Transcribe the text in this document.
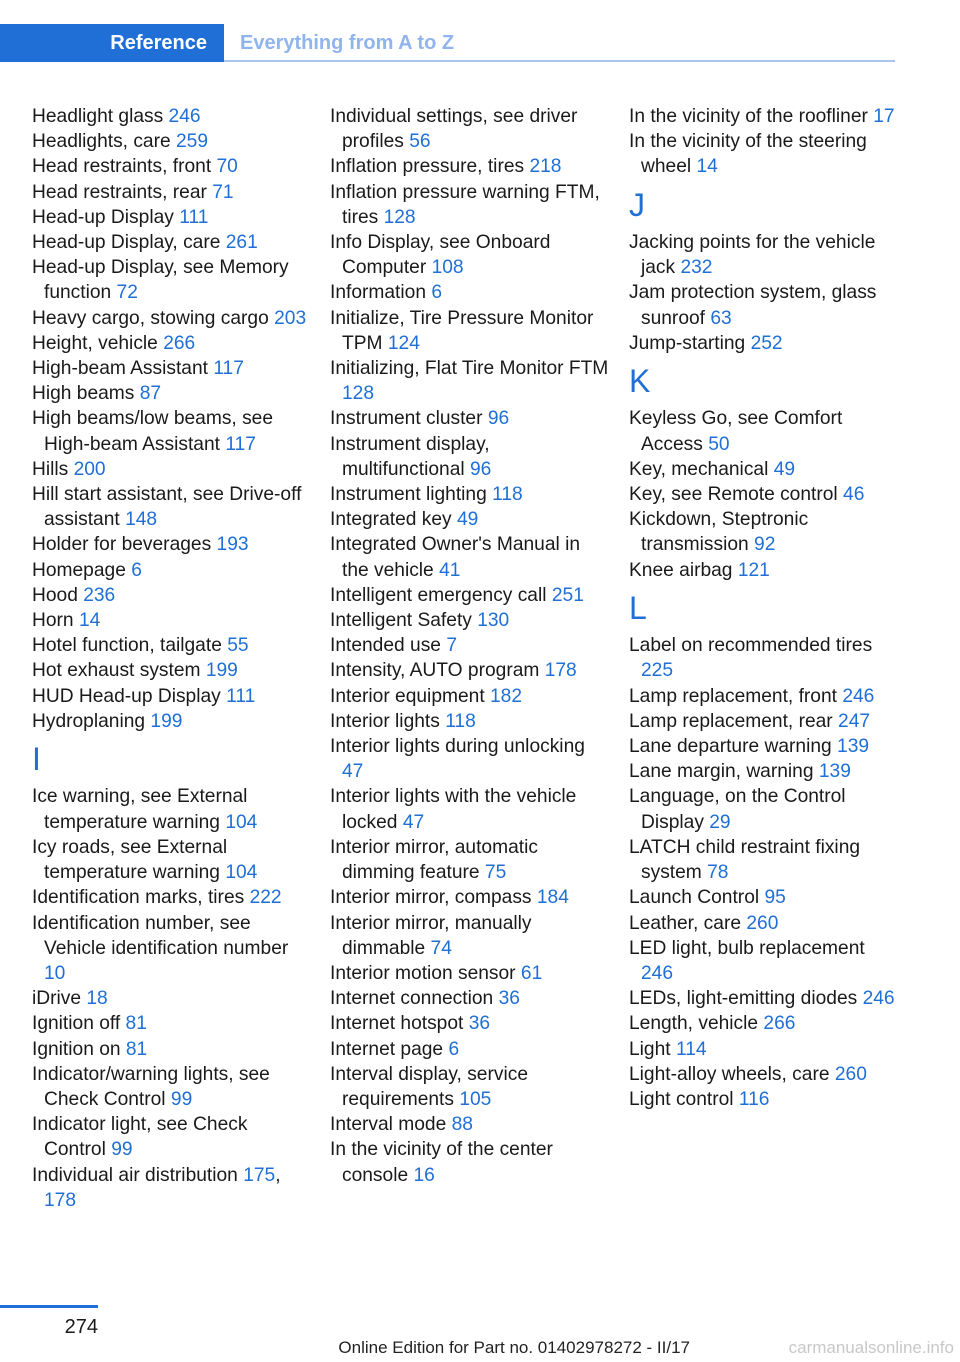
Reference Everything from A to Z
Headlight glass 246
Headlights, care 259
Head restraints, front 70
Head restraints, rear 71
Head-up Display 111
Head-up Display, care 261
Head-up Display, see Memory function 72
Heavy cargo, stowing cargo 203
Height, vehicle 266
High-beam Assistant 117
High beams 87
High beams/low beams, see High-beam Assistant 117
Hills 200
Hill start assistant, see Drive-off assistant 148
Holder for beverages 193
Homepage 6
Hood 236
Horn 14
Hotel function, tailgate 55
Hot exhaust system 199
HUD Head-up Display 111
Hydroplaning 199
I
Ice warning, see External temperature warning 104
Icy roads, see External temperature warning 104
Identification marks, tires 222
Identification number, see Vehicle identification number 10
iDrive 18
Ignition off 81
Ignition on 81
Indicator/warning lights, see Check Control 99
Indicator light, see Check Control 99
Individual air distribution 175, 178
Individual settings, see driver profiles 56
Inflation pressure, tires 218
Inflation pressure warning FTM, tires 128
Info Display, see Onboard Computer 108
Information 6
Initialize, Tire Pressure Monitor TPM 124
Initializing, Flat Tire Monitor FTM 128
Instrument cluster 96
Instrument display, multifunctional 96
Instrument lighting 118
Integrated key 49
Integrated Owner's Manual in the vehicle 41
Intelligent emergency call 251
Intelligent Safety 130
Intended use 7
Intensity, AUTO program 178
Interior equipment 182
Interior lights 118
Interior lights during unlocking 47
Interior lights with the vehicle locked 47
Interior mirror, automatic dimming feature 75
Interior mirror, compass 184
Interior mirror, manually dimmable 74
Interior motion sensor 61
Internet connection 36
Internet hotspot 36
Internet page 6
Interval display, service requirements 105
Interval mode 88
In the vicinity of the center console 16
In the vicinity of the roofliner 17
In the vicinity of the steering wheel 14
J
Jacking points for the vehicle jack 232
Jam protection system, glass sunroof 63
Jump-starting 252
K
Keyless Go, see Comfort Access 50
Key, mechanical 49
Key, see Remote control 46
Kickdown, Steptronic transmission 92
Knee airbag 121
L
Label on recommended tires 225
Lamp replacement, front 246
Lamp replacement, rear 247
Lane departure warning 139
Lane margin, warning 139
Language, on the Control Display 29
LATCH child restraint fixing system 78
Launch Control 95
Leather, care 260
LED light, bulb replacement 246
LEDs, light-emitting diodes 246
Length, vehicle 266
Light 114
Light-alloy wheels, care 260
Light control 116
274
Online Edition for Part no. 01402978272 - II/17	carmanualsonline.info
